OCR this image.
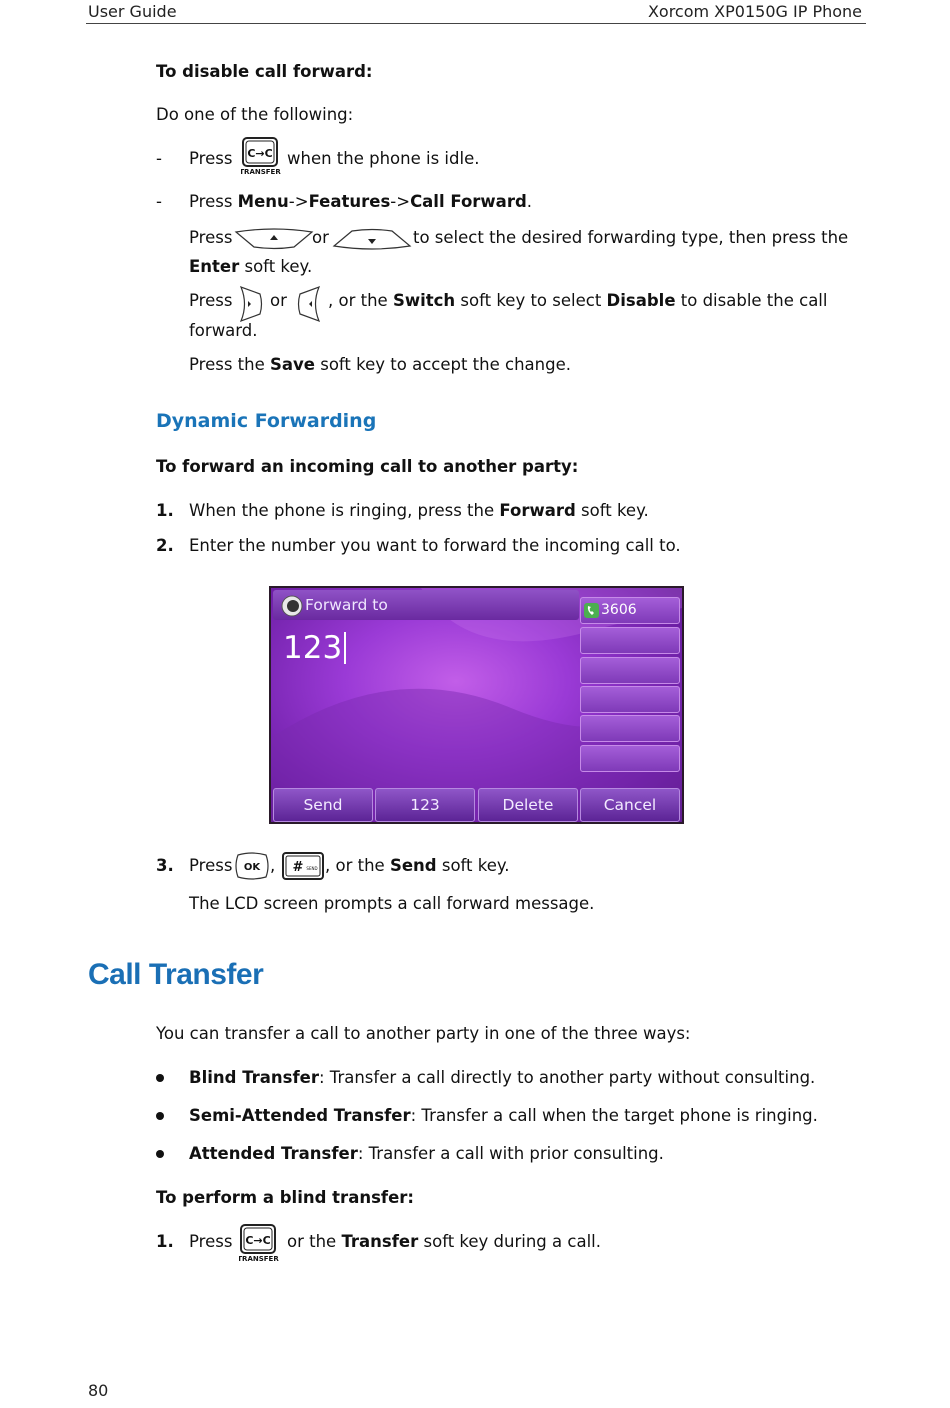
User Guide	Xorcom XP0150G IP Phone
To disable call forward:
Do one of the following:
- Press C→C
TRANSFER
when the phone is idle.
- Press Menu->Features->Call Forward.
Press	or	to select the desired forwarding type, then press the
Enter soft key.
Press or , or the Switch soft key to select Disable to disable the call
forward.
Press the Save soft key to accept the change.
Dynamic Forwarding
To forward an incoming call to another party:
1. When the phone is ringing, press the Forward soft key.
2. Enter the number you want to forward the incoming call to.
Forward to
123
3606
Send	123	Delete	Cancel
3. Press OK , # SEND , or the Send soft key.
The LCD screen prompts a call forward message.
Call Transfer
You can transfer a call to another party in one of the three ways:
Blind Transfer: Transfer a call directly to another party without consulting.
Semi-Attended Transfer: Transfer a call when the target phone is ringing.
Attended Transfer: Transfer a call with prior consulting.
To perform a blind transfer:
1. Press C→C
TRANSFER
or the Transfer soft key during a call.
80
